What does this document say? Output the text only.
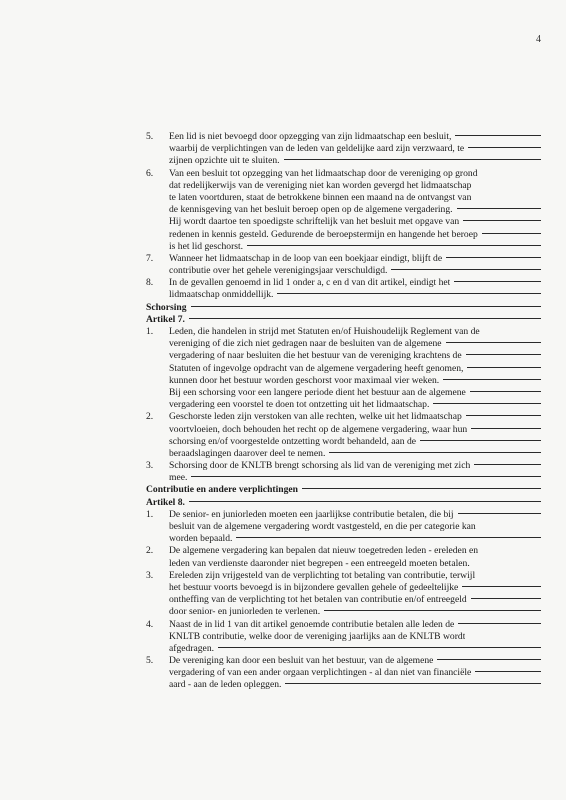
4
5.	Een lid is niet bevoegd door opzegging van zijn lidmaatschap een besluit,
waarbij de verplichtingen van de leden van geldelijke aard zijn verzwaard, te
zijnen opzichte uit te sluiten.
6.	Van een besluit tot opzegging van het lidmaatschap door de vereniging op grond
dat redelijkerwijs van de vereniging niet kan worden gevergd het lidmaatschap
te laten voortduren, staat de betrokkene binnen een maand na de ontvangst van
de kennisgeving van het besluit beroep open op de algemene vergadering.
Hij wordt daartoe ten spoedigste schriftelijk van het besluit met opgave van
redenen in kennis gesteld. Gedurende de beroepstermijn en hangende het beroep
is het lid geschorst.
7.	Wanneer het lidmaatschap in de loop van een boekjaar eindigt, blijft de
contributie over het gehele verenigingsjaar verschuldigd.
8.	In de gevallen genoemd in lid 1 onder a, c en d van dit artikel, eindigt het
lidmaatschap onmiddellijk.
Schorsing
Artikel 7.
1.	Leden, die handelen in strijd met Statuten en/of Huishoudelijk Reglement van de
vereniging of die zich niet gedragen naar de besluiten van de algemene
vergadering of naar besluiten die het bestuur van de vereniging krachtens de
Statuten of ingevolge opdracht van de algemene vergadering heeft genomen,
kunnen door het bestuur worden geschorst voor maximaal vier weken.
Bij een schorsing voor een langere periode dient het bestuur aan de algemene
vergadering een voorstel te doen tot ontzetting uit het lidmaatschap.
2.	Geschorste leden zijn verstoken van alle rechten, welke uit het lidmaatschap
voortvloeien, doch behouden het recht op de algemene vergadering, waar hun
schorsing en/of voorgestelde ontzetting wordt behandeld, aan de
beraadslagingen daarover deel te nemen.
3.	Schorsing door de KNLTB brengt schorsing als lid van de vereniging met zich
mee.
Contributie en andere verplichtingen
Artikel 8.
1.	De senior- en juniorleden moeten een jaarlijkse contributie betalen, die bij
besluit van de algemene vergadering wordt vastgesteld, en die per categorie kan
worden bepaald.
2.	De algemene vergadering kan bepalen dat nieuw toegetreden leden - ereleden en
leden van verdienste daaronder niet begrepen - een entreegeld moeten betalen.
3.	Ereleden zijn vrijgesteld van de verplichting tot betaling van contributie, terwijl
het bestuur voorts bevoegd is in bijzondere gevallen gehele of gedeeltelijke
ontheffing van de verplichting tot het betalen van contributie en/of entreegeld
door senior- en juniorleden te verlenen.
4.	Naast de in lid 1 van dit artikel genoemde contributie betalen alle leden de
KNLTB contributie, welke door de vereniging jaarlijks aan de KNLTB wordt
afgedragen.
5.	De vereniging kan door een besluit van het bestuur, van de algemene
vergadering of van een ander orgaan verplichtingen - al dan niet van financiële
aard - aan de leden opleggen.
